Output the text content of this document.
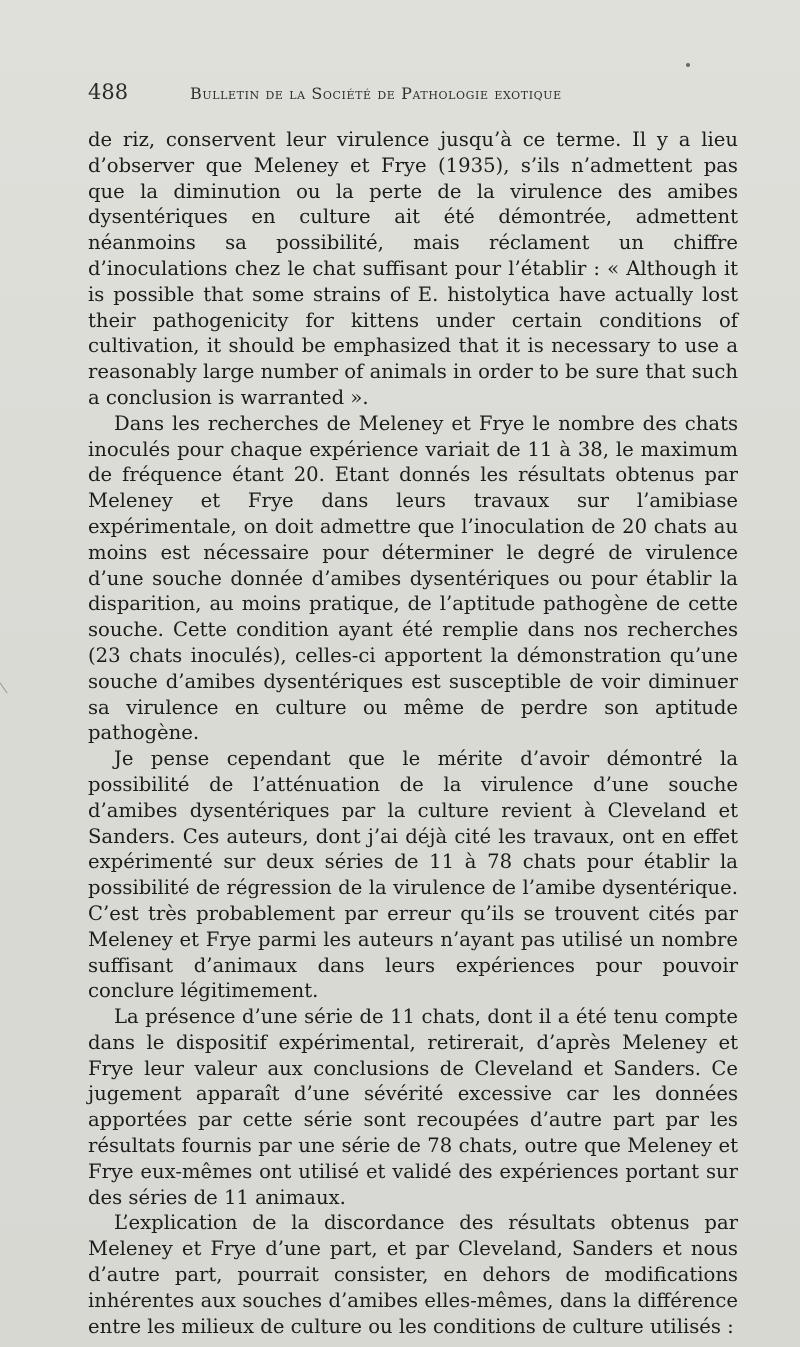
488	Bulletin de la Société de Pathologie exotique

de riz, conservent leur virulence jusqu’à ce terme. Il y a lieu d’observer que Meleney et Frye (1935), s’ils n’admettent pas que la diminution ou la perte de la virulence des amibes dysentériques en culture ait été démontrée, admettent néanmoins sa possibilité, mais réclament un chiffre d’inoculations chez le chat suffisant pour l’établir : « Although it is possible that some strains of E. histolytica have actually lost their pathogenicity for kittens under certain conditions of cultivation, it should be emphasized that it is necessary to use a reasonably large number of animals in order to be sure that such a conclusion is warranted ».

Dans les recherches de Meleney et Frye le nombre des chats inoculés pour chaque expérience variait de 11 à 38, le maximum de fréquence étant 20. Etant donnés les résultats obtenus par Meleney et Frye dans leurs travaux sur l’amibiase expérimentale, on doit admettre que l’inoculation de 20 chats au moins est nécessaire pour déterminer le degré de virulence d’une souche donnée d’amibes dysentériques ou pour établir la disparition, au moins pratique, de l’aptitude pathogène de cette souche. Cette condition ayant été remplie dans nos recherches (23 chats inoculés), celles-ci apportent la démonstration qu’une souche d’amibes dysentériques est susceptible de voir diminuer sa virulence en culture ou même de perdre son aptitude pathogène.

Je pense cependant que le mérite d’avoir démontré la possibilité de l’atténuation de la virulence d’une souche d’amibes dysentériques par la culture revient à Cleveland et Sanders. Ces auteurs, dont j’ai déjà cité les travaux, ont en effet expérimenté sur deux séries de 11 à 78 chats pour établir la possibilité de régression de la virulence de l’amibe dysentérique. C’est très probablement par erreur qu’ils se trouvent cités par Meleney et Frye parmi les auteurs n’ayant pas utilisé un nombre suffisant d’animaux dans leurs expériences pour pouvoir conclure légitimement.

La présence d’une série de 11 chats, dont il a été tenu compte dans le dispositif expérimental, retirerait, d’après Meleney et Frye leur valeur aux conclusions de Cleveland et Sanders. Ce jugement apparaît d’une sévérité excessive car les données apportées par cette série sont recoupées d’autre part par les résultats fournis par une série de 78 chats, outre que Meleney et Frye eux-mêmes ont utilisé et validé des expériences portant sur des séries de 11 animaux.

L’explication de la discordance des résultats obtenus par Meleney et Frye d’une part, et par Cleveland, Sanders et nous d’autre part, pourrait consister, en dehors de modifications inhérentes aux souches d’amibes elles-mêmes, dans la différence entre les milieux de culture ou les conditions de culture utilisés :
